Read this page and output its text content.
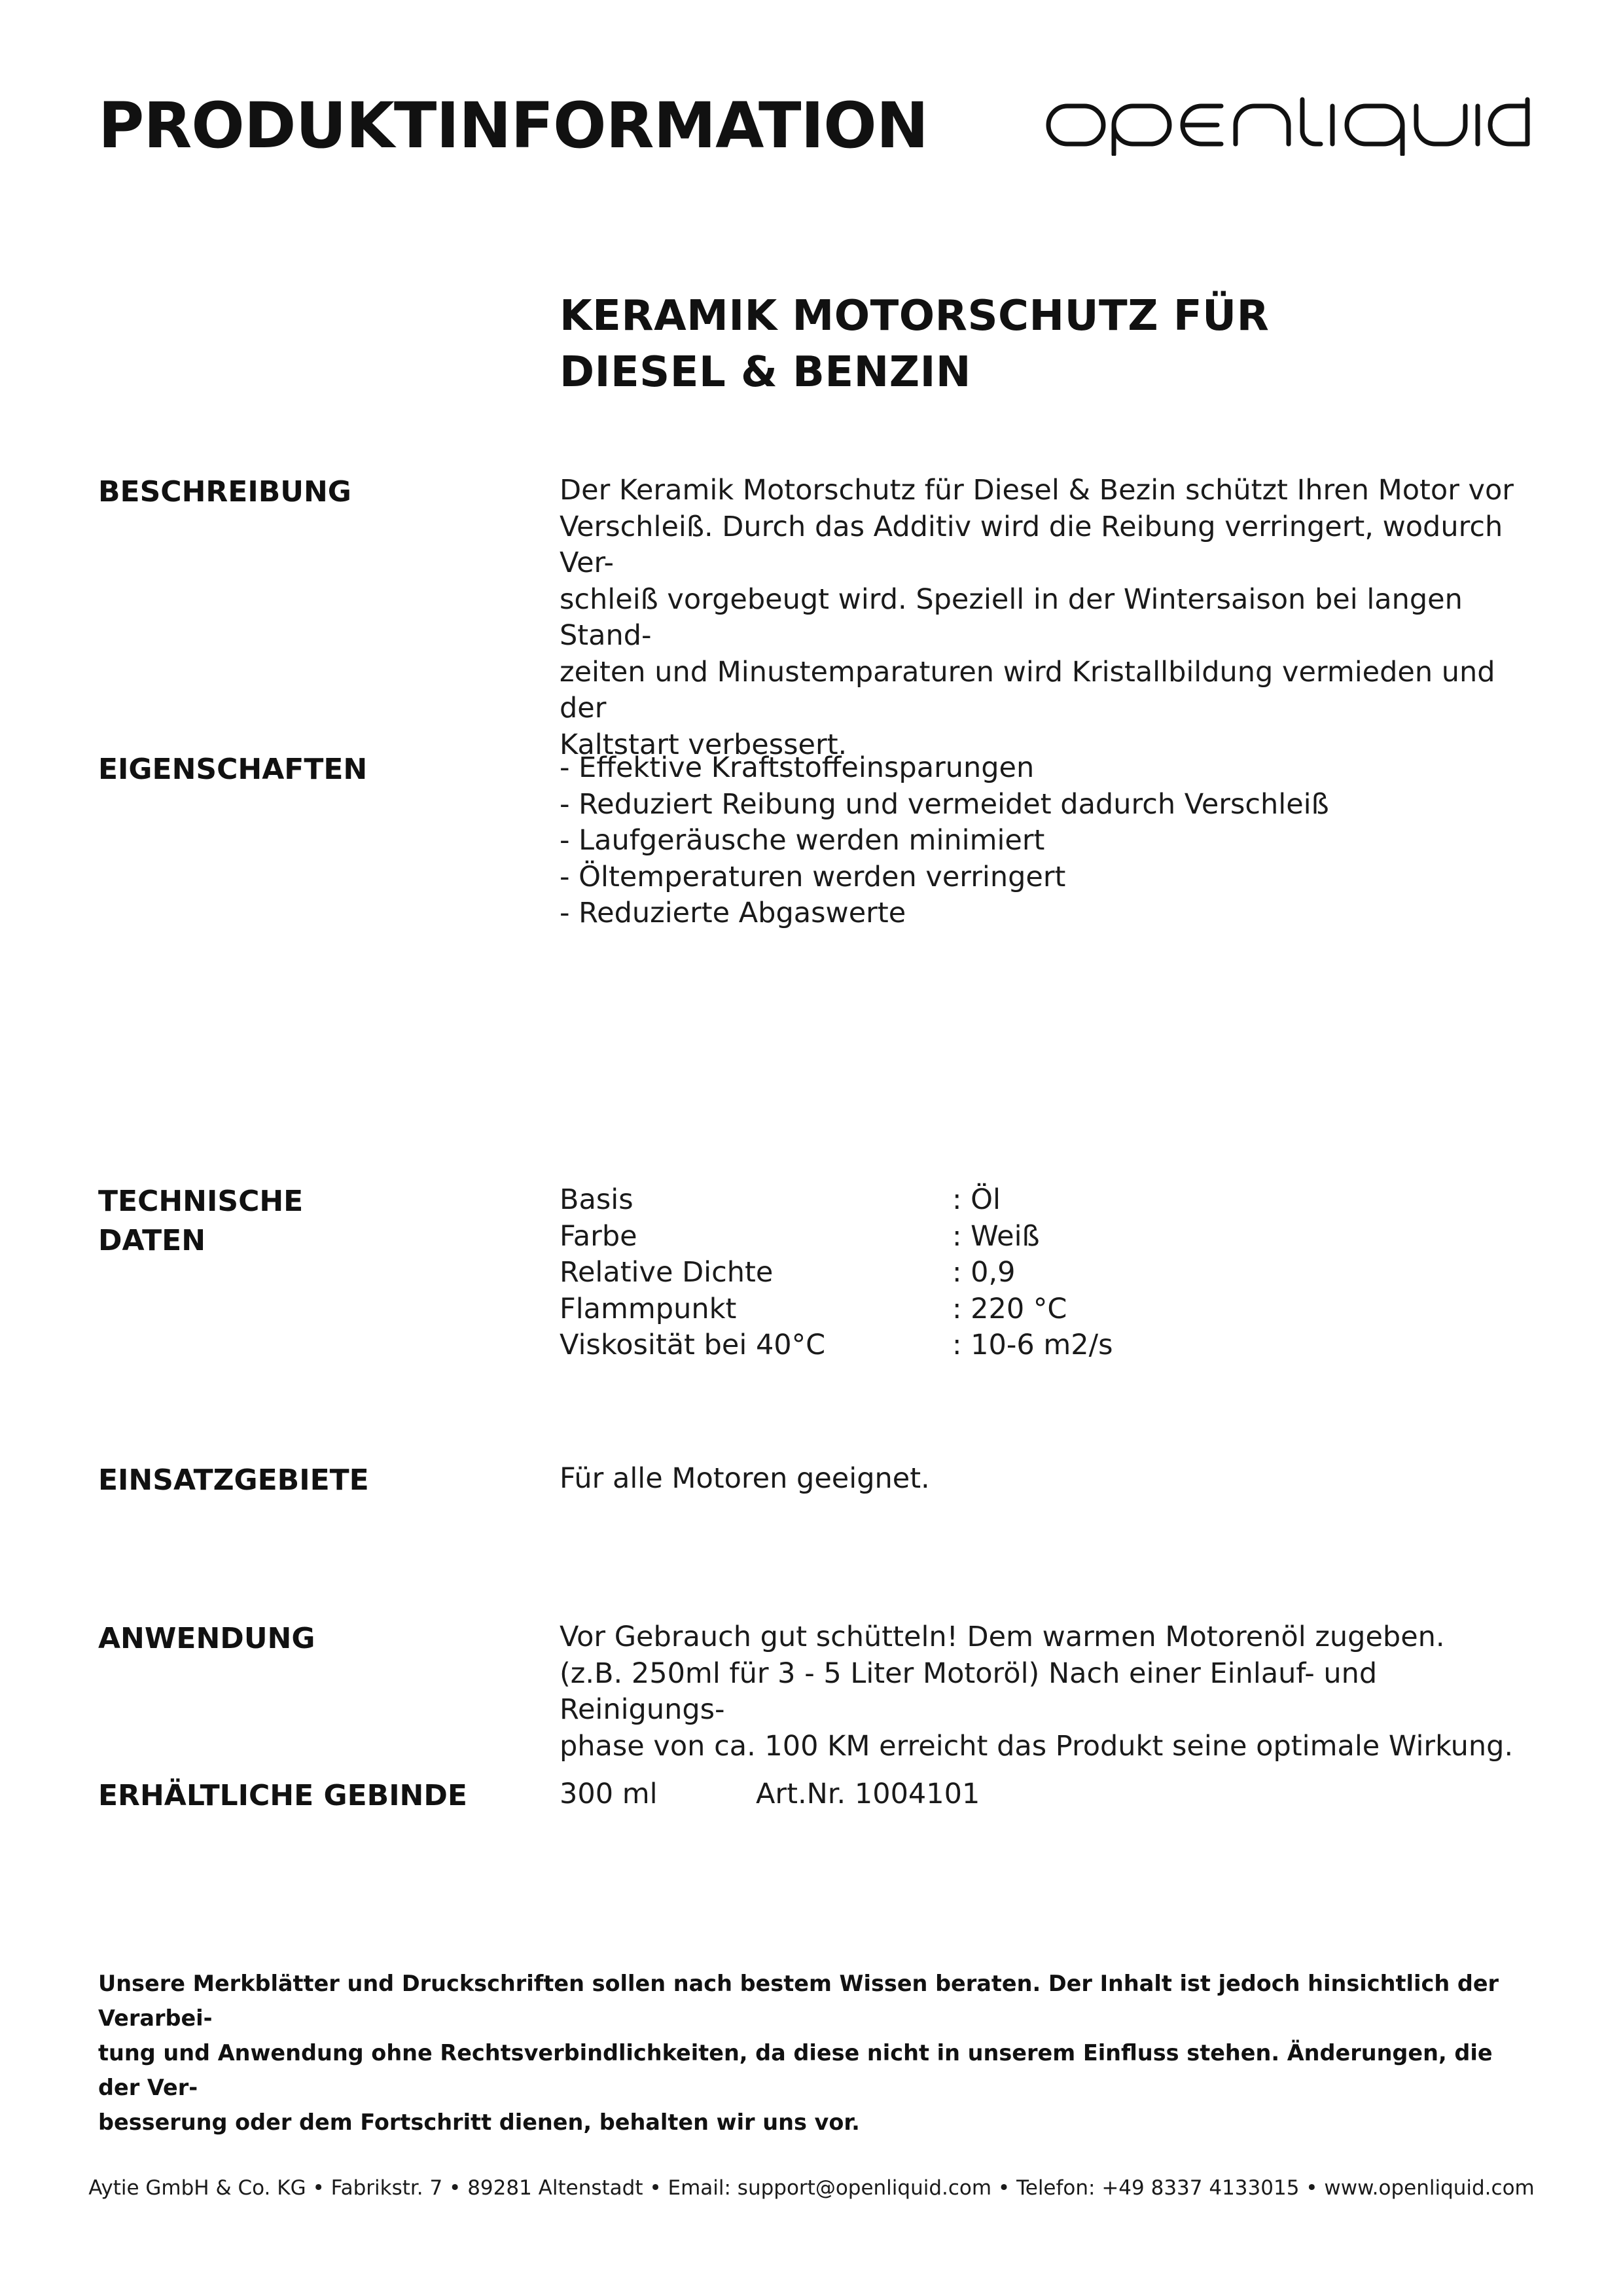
PRODUKTINFORMATION
KERAMIK MOTORSCHUTZ FÜR
DIESEL & BENZIN
BESCHREIBUNG	Der Keramik Motorschutz für Diesel & Bezin schützt Ihren Motor vor
Verschleiß. Durch das Additiv wird die Reibung verringert, wodurch Ver-
schleiß vorgebeugt wird. Speziell in der Wintersaison bei langen Stand-
zeiten und Minustemparaturen wird Kristallbildung vermieden und der
Kaltstart verbessert.
EIGENSCHAFTEN	- Effektive Kraftstoffeinsparungen
- Reduziert Reibung und vermeidet dadurch Verschleiß
- Laufgeräusche werden minimiert
- Öltemperaturen werden verringert
- Reduzierte Abgaswerte
TECHNISCHE
DATEN
Basis	: Öl
Farbe	: Weiß
Relative Dichte	: 0,9
Flammpunkt	: 220 °C
Viskosität bei 40°C	: 10-6 m2/s
EINSATZGEBIETE	Für alle Motoren geeignet.

ANWENDUNG	Vor Gebrauch gut schütteln! Dem warmen Motorenöl zugeben.
(z.B. 250ml für 3 - 5 Liter Motoröl) Nach einer Einlauf- und Reinigungs-
phase von ca. 100 KM erreicht das Produkt seine optimale Wirkung.
ERHÄLTLICHE GEBINDE	300 ml	Art.Nr. 1004101
Unsere Merkblätter und Druckschriften sollen nach bestem Wissen beraten. Der Inhalt ist jedoch hinsichtlich der Verarbei-
tung und Anwendung ohne Rechtsverbindlichkeiten, da diese nicht in unserem Einfluss stehen. Änderungen, die der Ver-
besserung oder dem Fortschritt dienen, behalten wir uns vor.

Aytie GmbH & Co. KG • Fabrikstr. 7 • 89281 Altenstadt • Email: support@openliquid.com • Telefon: +49 8337 4133015 • www.openliquid.com
